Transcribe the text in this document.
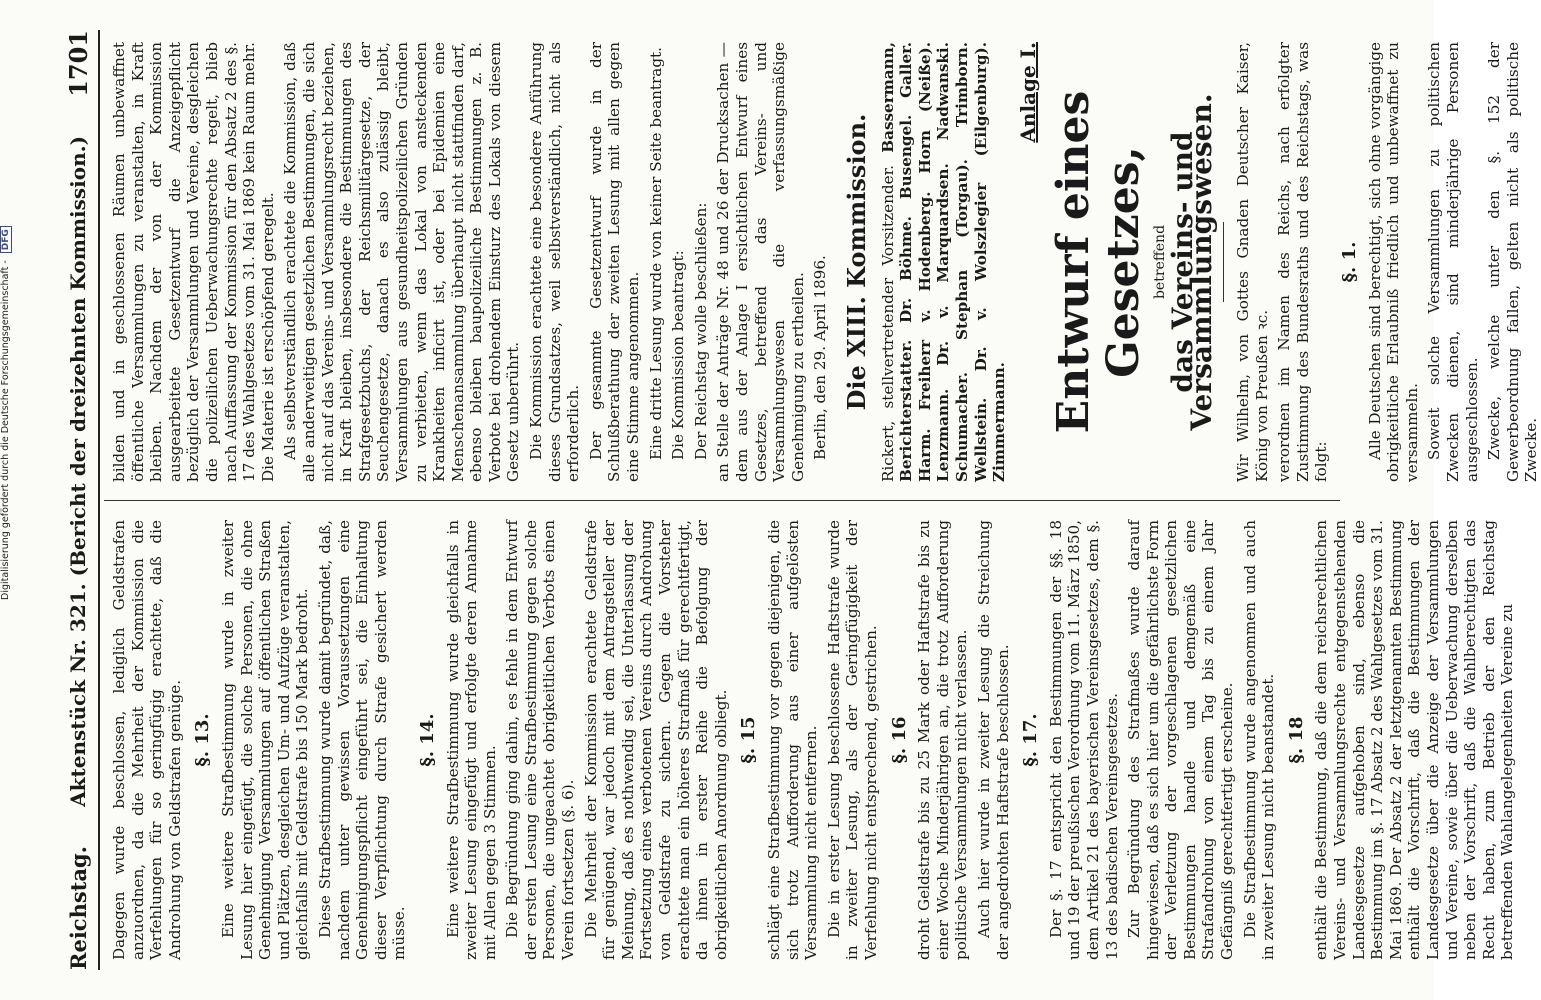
Reichstag.
Aktenstück Nr. 321. (Bericht der dreizehnten Kommission.)
1701

Dagegen wurde beschlossen, lediglich Geldstrafen anzuordnen, da die Mehrheit der Kommission die Verfehlungen für so geringfügig erachtete, daß die Androhung von Geldstrafen genüge. §. 13. Eine weitere Strafbestimmung wurde in zweiter Lesung hier eingefügt, die solche Personen, die ohne Genehmigung Versammlungen auf öffentlichen Straßen und Plätzen, desgleichen Um- und Aufzüge veranstalten, gleichfalls mit Geldstrafe bis 150 Mark bedroht. Diese Strafbestimmung wurde damit begründet, daß, nachdem unter gewissen Voraussetzungen eine Genehmigungspflicht eingeführt sei, die Einhaltung dieser Verpflichtung durch Strafe gesichert werden müsse.

§. 14. Eine weitere Strafbestimmung wurde gleichfalls in zweiter Lesung eingefügt und erfolgte deren Annahme mit Allen gegen 3 Stimmen. Die Begründung ging dahin, es fehle in dem Entwurf der ersten Lesung eine Strafbestimmung gegen solche Personen, die ungeachtet obrigkeitlichen Verbots einen Verein fortsetzen (§. 6). Die Mehrheit der Kommission erachtete Geldstrafe für genügend, war jedoch mit dem Antragsteller der Meinung, daß es nothwendig sei, die Unterlassung der Fortsetzung eines verbotenen Vereins durch Androhung von Geldstrafe zu sichern. Gegen die Vorsteher erachtete man ein höheres Strafmaß für gerechtfertigt, da ihnen in erster Reihe die Befolgung der obrigkeitlichen Anordnung obliegt. §. 15 schlägt eine Strafbestimmung vor gegen diejenigen, die sich trotz Aufforderung aus einer aufgelösten Versammlung nicht entfernen. Die in erster Lesung beschlossene Haftstrafe wurde in zweiter Lesung, als der Geringfügigkeit der Verfehlung nicht entsprechend, gestrichen. §. 16 droht Geldstrafe bis zu 25 Mark oder Haftstrafe bis zu einer Woche Minderjährigen an, die trotz Aufforderung politische Versammlungen nicht verlassen. Auch hier wurde in zweiter Lesung die Streichung der angedrohten Haftstrafe beschlossen. §. 17. Der §. 17 entspricht den Bestimmungen der §§. 18 und 19 der preußischen Verordnung vom 11. März 1850, dem Artikel 21 des bayerischen Vereinsgesetzes, dem §. 13 des badischen Vereinsgesetzes. Zur Begründung des Strafmaßes wurde darauf hingewiesen, daß es sich hier um die gefährlichste Form der Verletzung der vorgeschlagenen gesetzlichen Bestimmungen handle und demgemäß eine Strafandrohung von einem Tag bis zu einem Jahr Gefängniß gerechtfertigt erscheine. Die Strafbestimmung wurde angenommen und auch in zweiter Lesung nicht beanstandet. §. 18 enthält die Bestimmung, daß die dem reichsrechtlichen Vereins- und Versammlungsrechte entgegenstehenden Landesgesetze aufgehoben sind, ebenso die Bestimmung im §. 17 Absatz 2 des Wahlgesetzes vom 31. Mai 1869. Der Absatz 2 der letztgenannten Bestimmung enthält die Vorschrift, daß die Bestimmungen der Landesgesetze über die Anzeige der Versammlungen und Vereine, sowie über die Ueberwachung derselben neben der Vorschrift, daß die Wahlberechtigten das Recht haben, zum Betrieb der den Reichstag betreffenden Wahlangelegenheiten Vereine zu

bilden und in geschlossenen Räumen unbewaffnet öffentliche Versammlungen zu veranstalten, in Kraft bleiben. Nachdem der von der Kommission ausgearbeitete Gesetzentwurf die Anzeigepflicht bezüglich der Versammlungen und Vereine, desgleichen die polizeilichen Ueberwachungsrechte regelt, blieb nach Auffassung der Kommission für den Absatz 2 des §. 17 des Wahlgesetzes vom 31. Mai 1869 kein Raum mehr. Die Materie ist erschöpfend geregelt. Als selbstverständlich erachtete die Kommission, daß alle anderweitigen gesetzlichen Bestimmungen, die sich nicht auf das Vereins- und Versammlungsrecht beziehen, in Kraft bleiben, insbesondere die Bestimmungen des Strafgesetzbuchs, der Reichsmilitärgesetze, der Seuchengesetze, danach es also zulässig bleibt, Versammlungen aus gesundheitspolizeilichen Gründen zu verbieten, wenn das Lokal von ansteckenden Krankheiten inficirt ist, oder bei Epidemien eine Menschenansammlung überhaupt nicht stattfinden darf, ebenso bleiben baupolizeiliche Bestimmungen z. B. Verbote bei drohendem Einsturz des Lokals von diesem Gesetz unberührt. Die Kommission erachtete eine besondere Anführung dieses Grundsatzes, weil selbstverständlich, nicht als erforderlich. Der gesammte Gesetzentwurf wurde in der Schlußberathung der zweiten Lesung mit allen gegen eine Stimme angenommen. Eine dritte Lesung wurde von keiner Seite beantragt. Die Kommission beantragt: Der Reichstag wolle beschließen: an Stelle der Anträge Nr. 48 und 26 der Drucksachen — dem aus der Anlage I ersichtlichen Entwurf eines Gesetzes, betreffend das Vereins- und Versammlungswesen die verfassungsmäßige Genehmigung zu ertheilen. Berlin, den 29. April 1896. Die XIII. Kommission. Rickert, stellvertretender Vorsitzender. Bassermann, Berichterstatter. Dr. Böhme. Busengel. Galler. Harm. Freiherr v. Hodenberg. Horn (Neiße). Lenzmann. Dr. v. Marquardsen. Nadwanski. Schumacher. Stephan (Torgau). Trimborn. Wellstein. Dr. v. Wolszlegier (Eilgenburg). Zimmermann.

Anlage I. Entwurf eines Gesetzes, betreffend
das Vereins- und Versammlungswesen. Wir Wilhelm, von Gottes Gnaden Deutscher Kaiser, König von Preußen ꝛc. verordnen im Namen des Reichs, nach erfolgter Zustimmung des Bundesraths und des Reichstags, was folgt:

§. 1. Alle Deutschen sind berechtigt, sich ohne vorgängige obrigkeitliche Erlaubniß friedlich und unbewaffnet zu versammeln. Soweit solche Versammlungen zu politischen Zwecken dienen, sind minderjährige Personen ausgeschlossen. Zwecke, welche unter den §. 152 der Gewerbeordnung fallen, gelten nicht als politische Zwecke.

Digitalisierung gefördert durch die Deutsche Forschungsgemeinschaft - DFG
